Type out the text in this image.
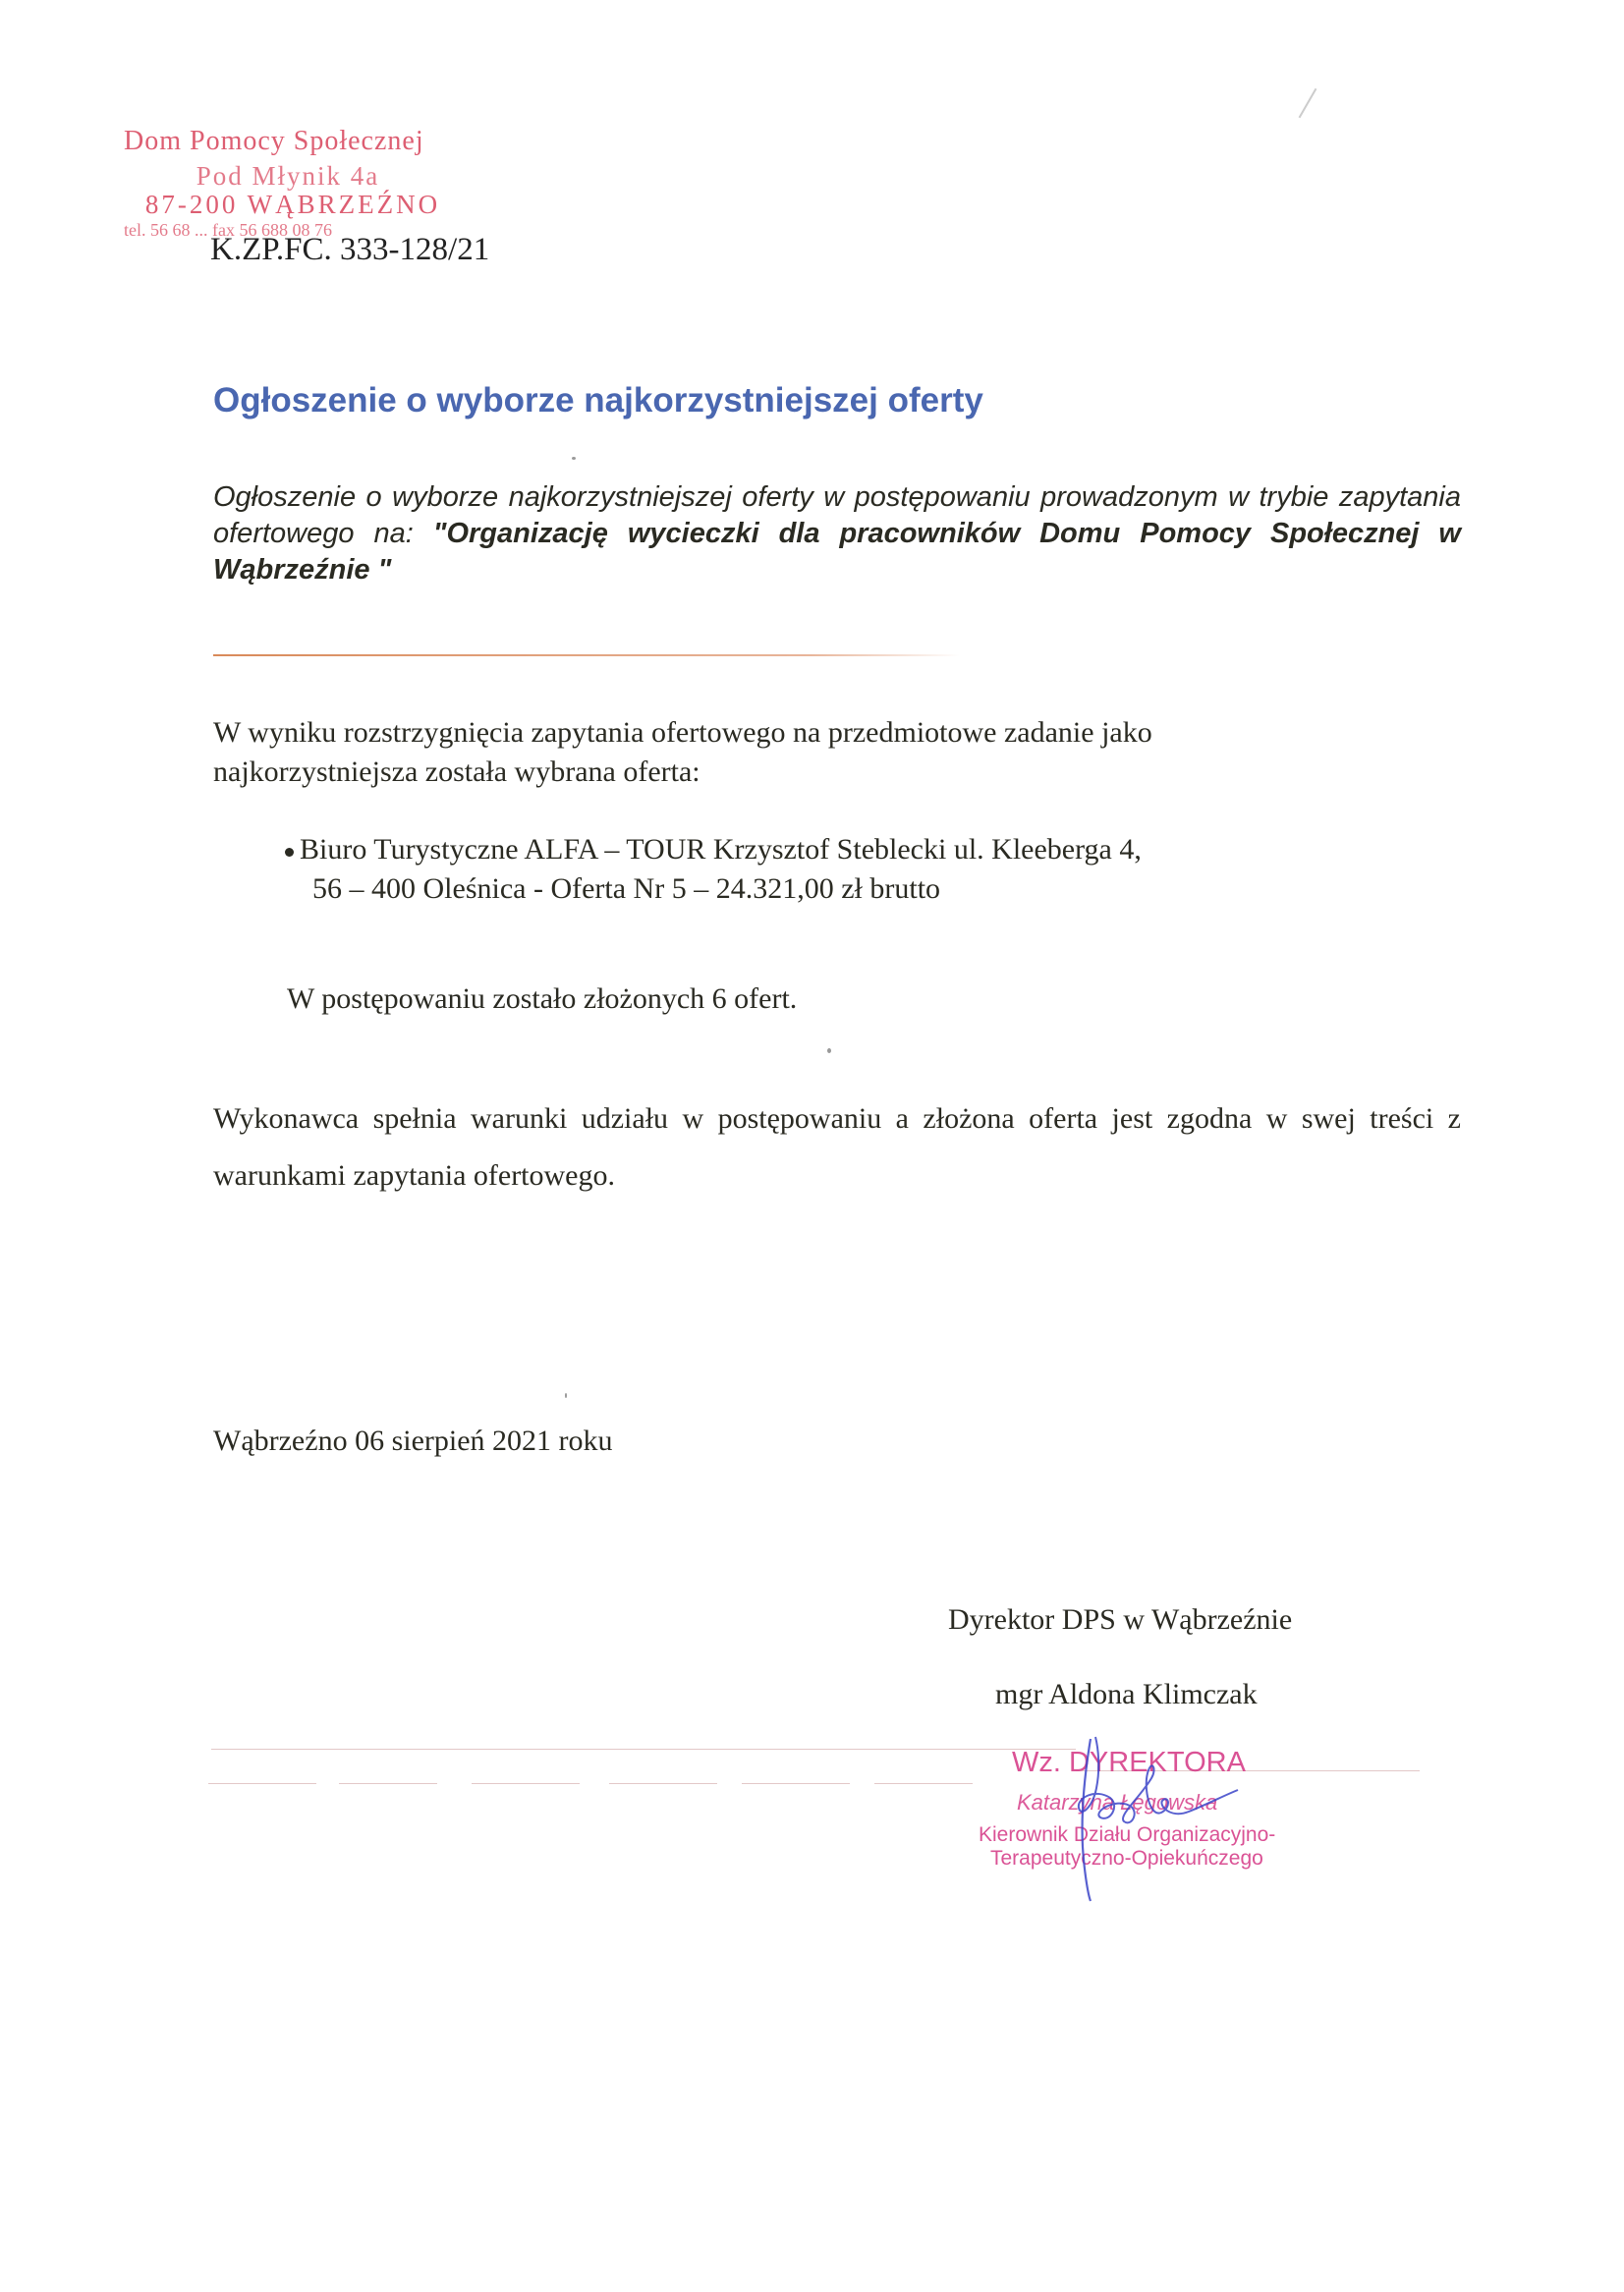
Dom Pomocy Społecznej
Pod Młynik 4a
87-200 WĄBRZEŹNO
tel. 56 68 ... fax 56 688 08 76
K.ZP.FC. 333-128/21
Ogłoszenie o wyborze najkorzystniejszej oferty
Ogłoszenie o wyborze najkorzystniejszej oferty w postępowaniu prowadzonym w trybie zapytania ofertowego na: "Organizację wycieczki dla pracowników Domu Pomocy Społecznej w Wąbrzeźnie "
W wyniku rozstrzygnięcia zapytania ofertowego na przedmiotowe zadanie jako najkorzystniejsza została wybrana oferta:
Biuro Turystyczne ALFA – TOUR Krzysztof Steblecki ul. Kleeberga 4,
56 – 400 Oleśnica - Oferta Nr 5 – 24.321,00 zł brutto
W postępowaniu zostało złożonych 6 ofert.
Wykonawca spełnia warunki udziału w postępowaniu a złożona oferta jest zgodna w swej treści z warunkami zapytania ofertowego.
Wąbrzeźno 06 sierpień 2021 roku
Dyrektor DPS w Wąbrzeźnie
mgr Aldona Klimczak
Wz. DYREKTORA
Katarzyna Łęgowska
Kierownik Działu Organizacyjno-
Terapeutyczno-Opiekuńczego
